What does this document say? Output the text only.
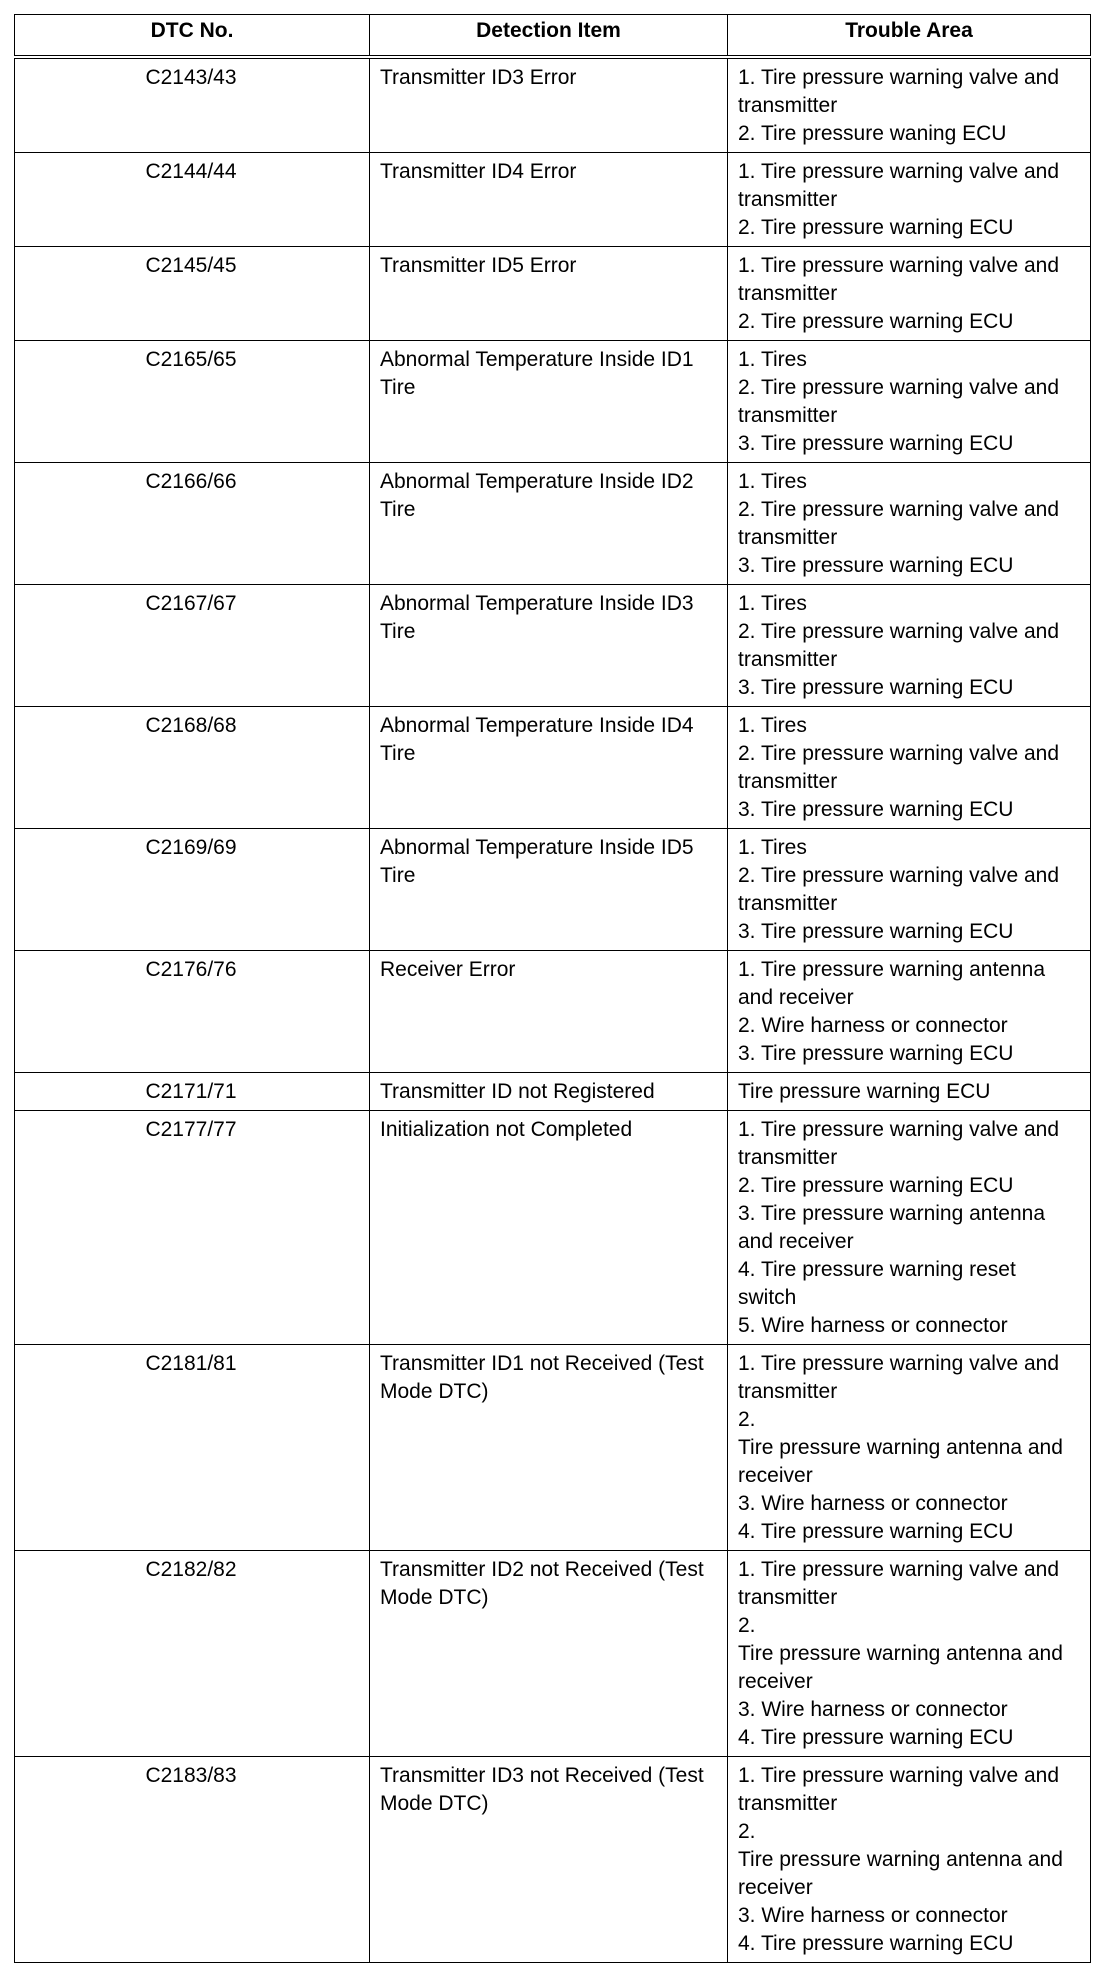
DTC No.	Detection Item	Trouble Area
C2143/43	Transmitter ID3 Error	1. Tire pressure warning valve and transmitter
2. Tire pressure waning ECU

C2144/44	Transmitter ID4 Error	1. Tire pressure warning valve and transmitter
2. Tire pressure warning ECU

C2145/45	Transmitter ID5 Error	1. Tire pressure warning valve and transmitter
2. Tire pressure warning ECU

C2165/65	Abnormal Temperature Inside ID1 Tire	1. Tires
2. Tire pressure warning valve and transmitter
3. Tire pressure warning ECU

C2166/66	Abnormal Temperature Inside ID2 Tire	1. Tires
2. Tire pressure warning valve and transmitter
3. Tire pressure warning ECU

C2167/67	Abnormal Temperature Inside ID3 Tire	1. Tires
2. Tire pressure warning valve and transmitter
3. Tire pressure warning ECU

C2168/68	Abnormal Temperature Inside ID4 Tire	1. Tires
2. Tire pressure warning valve and transmitter
3. Tire pressure warning ECU

C2169/69	Abnormal Temperature Inside ID5 Tire	1. Tires
2. Tire pressure warning valve and transmitter
3. Tire pressure warning ECU

C2176/76	Receiver Error	1. Tire pressure warning antenna and receiver
2. Wire harness or connector
3. Tire pressure warning ECU

C2171/71	Transmitter ID not Registered	Tire pressure warning ECU

C2177/77	Initialization not Completed	1. Tire pressure warning valve and transmitter
2. Tire pressure warning ECU
3. Tire pressure warning antenna and receiver
4. Tire pressure warning reset switch
5. Wire harness or connector

C2181/81	Transmitter ID1 not Received (Test Mode DTC)	1. Tire pressure warning valve and transmitter
2.
Tire pressure warning antenna and receiver
3. Wire harness or connector
4. Tire pressure warning ECU

C2182/82	Transmitter ID2 not Received (Test Mode DTC)	1. Tire pressure warning valve and transmitter
2.
Tire pressure warning antenna and receiver
3. Wire harness or connector
4. Tire pressure warning ECU

C2183/83	Transmitter ID3 not Received (Test Mode DTC)	1. Tire pressure warning valve and transmitter
2.
Tire pressure warning antenna and receiver
3. Wire harness or connector
4. Tire pressure warning ECU
